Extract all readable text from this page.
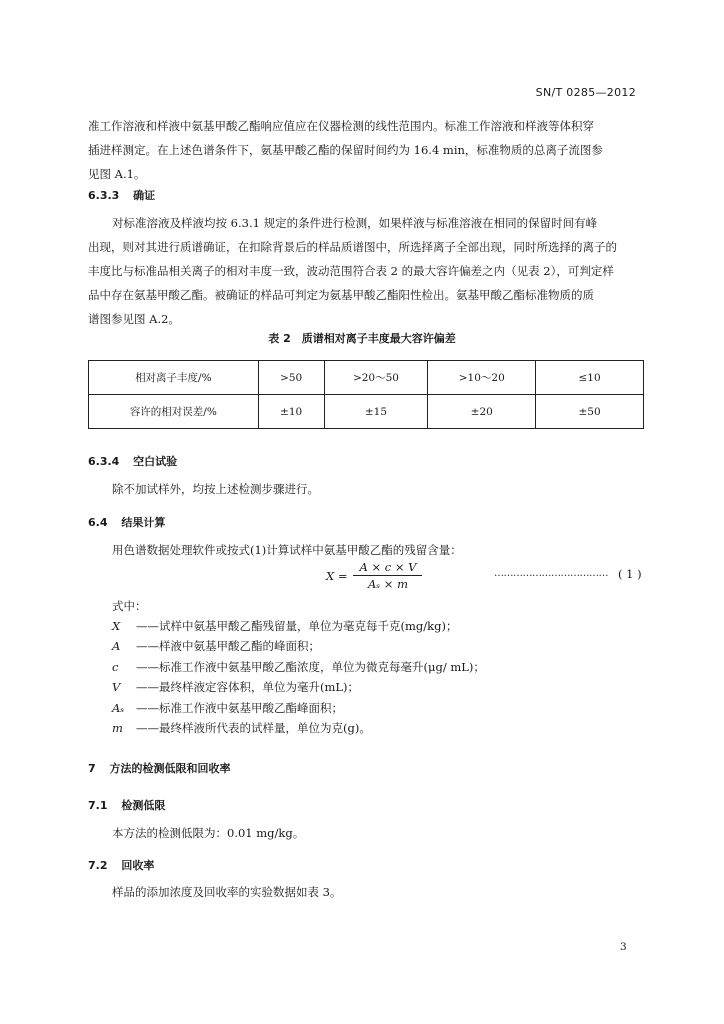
SN/T 0285—2012
准工作溶液和样液中氨基甲酸乙酯响应值应在仪器检测的线性范围内。标准工作溶液和样液等体积穿
插进样测定。在上述色谱条件下，氨基甲酸乙酯的保留时间约为 16.4 min，标准物质的总离子流图参
见图 A.1。
6.3.3 确证
对标准溶液及样液均按 6.3.1 规定的条件进行检测，如果样液与标准溶液在相同的保留时间有峰
出现，则对其进行质谱确证，在扣除背景后的样品质谱图中，所选择离子全部出现，同时所选择的离子的
丰度比与标准品相关离子的相对丰度一致，波动范围符合表 2 的最大容许偏差之内（见表 2），可判定样
品中存在氨基甲酸乙酯。被确证的样品可判定为氨基甲酸乙酯阳性检出。氨基甲酸乙酯标准物质的质
谱图参见图 A.2。
表 2　质谱相对离子丰度最大容许偏差
相对离子丰度/%	>50	>20～50	>10～20	≤10
容许的相对误差/%	±10	±15	±20	±50
6.3.4 空白试验
除不加试样外，均按上述检测步骤进行。
6.4 结果计算
用色谱数据处理软件或按式(1)计算试样中氨基甲酸乙酯的残留含量：
$X = \frac{A \times c \times V}{\text{Aₛ × m}}$	……………………………… ( 1 )
式中：
X ——试样中氨基甲酸乙酯残留量，单位为毫克每千克(mg/kg)；
A ——样液中氨基甲酸乙酯的峰面积；
c ——标准工作液中氨基甲酸乙酯浓度，单位为微克每毫升(μg/ mL)；
V ——最终样液定容体积，单位为毫升(mL)；
Aₛ ——标准工作液中氨基甲酸乙酯峰面积；
m ——最终样液所代表的试样量，单位为克(g)。
7 方法的检测低限和回收率
7.1 检测低限
本方法的检测低限为：0.01 mg/kg。
7.2 回收率
样品的添加浓度及回收率的实验数据如表 3。
3
